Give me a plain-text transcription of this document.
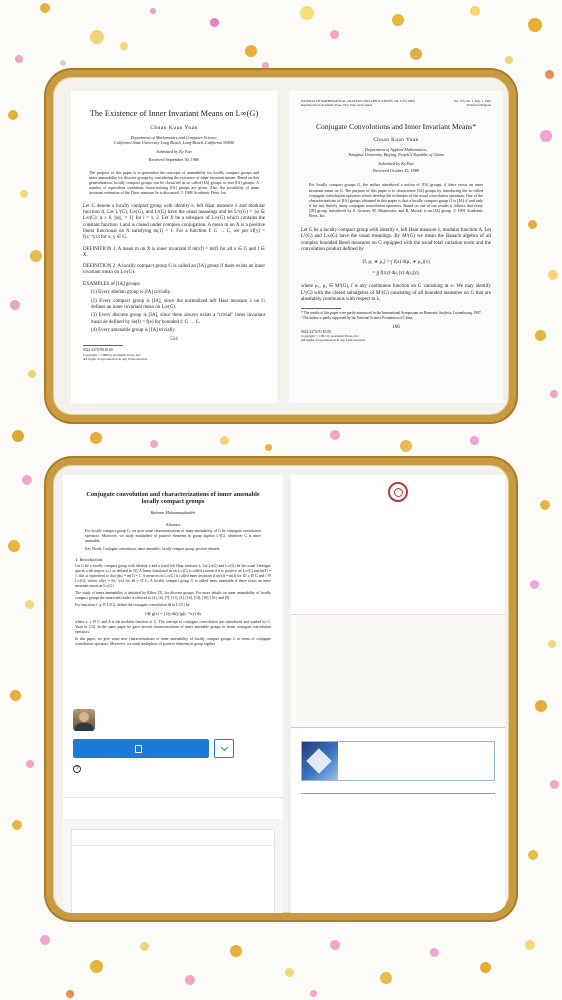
The Existence of Inner Invariant Means on L∞(G)
Chuan Kuan Yuan
Department of Mathematics and Computer Science,
California State University Long Beach, Long Beach, California 90840
Submitted by Ky Fan
Received September 30, 1986
The purpose of this paper is to generalize the concepts of amenability for locally compact groups and inner amenability for discrete groups by considering the existence of inner invariant means. Based on this generalization, locally compact groups can be classified as so called [IA] groups or non-[IA] groups. A number of equivalent conditions characterizing [IA] groups are given. Also, the possibility of inner invariant extension of the Dirac measure δe is discussed. © 1988 Academic Press, Inc.
Let G denote a locally compact group with identity e, left Haar measure λ and modular function Δ. Let L¹(G), L∞(G), and Lᵖ(G) have the usual meanings and let Lᵖc(G) = {φ ∈ L∞(G): φ ≥ 0, ||φ||₁ = 1} for i = 1, 2. Let X be a subspace of L∞(G) which contains the constant function 1 and is closed under complex conjugation. A mean m on X is a positive linear functional on X satisfying m(1) = 1. For a function f: G → C, we put xf(y) = f(x⁻¹yx) for x, y ∈ G.
DEFINITION 1. A mean m on X is inner invariant if m(xf) = m(f) for all x ∈ G and f ∈ X.
DEFINITION 2. A locally compact group G is called an [IA] group if there exists an inner invariant mean on L∞(G).
EXAMPLES of [IA] groups.
(1) Every abelian group is [IA] trivially.
(2) Every compact group is [IA], since the normalized left Haar measure λ on G defines an inner invariant mean on L∞(G).
(3) Every discrete group is [IA], since there always exists a "trivial" inner invariant mean δe defined by δe(f) = f(e) for bounded f: G → C.
(4) Every amenable group is [IA] trivially.
514
0022-247X/88 $3.00
Copyright © 1988 by Academic Press, Inc.
All rights of reproduction in any form reserved.
JOURNAL OF MATHEMATICAL ANALYSIS AND APPLICATIONS 149, 3-25 (1990)
Reprinted from Academic Press, New York and London
Vol. 155, No. 1, May 1, 1991
Printed in Belgium
Conjugate Convolutions and Inner Invariant Means*
Chuan Kuan Yuan
Department of Applied Mathematics,
Tsinghua University, Beijing, People's Republic of China
Submitted by Ky Fan
Received October 25, 1989
For locally compact groups G, the author introduced a notion of [IA] groups, if there exists an inner invariant mean on G. The purpose of this paper is to characterize [IA] groups by introducing the so-called conjugate convolution operators which develop the technique of the usual convolution operators. One of the characterizations of [IA] groups obtained in this paper is that a locally compact group G is [IA] if and only if for any finitely many conjugate convolution operators. Based on one of our results it follows that every [IN] group, introduced by S. Grosser, M. Moskowitz, and R. Mosak, is an [IA] group. © 1991 Academic Press, Inc.
Let G be a locally compact group with identity e, left Haar measure λ, modular function Δ. Let L¹(G) and L∞(G) have the usual meanings. By M¹(G) we mean the Banach algebra of all complex bounded Borel measures on G equipped with the usual total variation norm and the convolution product defined by
⟨f, μ₁ ∗ μ₂⟩ = ∫ f(x) d(μ₁ ∗ μ₂)(x)
= ∫∫ f(xy) dμ₁(x) dμ₂(y),
where μ₁, μ₂ ∈ M¹(G), f is any continuous function on G vanishing at ∞. We may identify L¹(G) with the closed subalgebra of M¹(G) consisting of all bounded measures on G that are absolutely continuous with respect to λ.
* The results of this paper were partly announced in the International Symposium on Harmonic Analysis, Luxembourg, 1987.
¹ The author is partly supported by the National Science Foundation of China.
166
0022-247X/91 $3.00
Copyright © 1991 by Academic Press, Inc.
All rights of reproduction in any form reserved.
Conjugate convolution and characterizations of inner amenable
locally compact groups
Bahram Mohammadzadeh
Abstract
For locally compact group G, we give some characterizations of inner amenability of G by conjugate convolution operators. Moreover, we study multipliers of positive elements in group algebra L¹(G), whenever G is inner amenable.
Key Words: Conjugate convolution; inner amenable; locally compact group; positive element.
1. Introduction
Let G be a locally compact group with identity e and a fixed left Haar measure λ. Let Lᵖ(G) and L∞(G) be the usual Lebesgue spaces with respect to λ as defined in [3]. A linear functional m on L∞(G) is called a mean if it is positive on L∞(G) and m(1) = 1; this is equivalent to that ||m|| = m(1) = 1. A mean m on L∞(G) is called inner invariant if m(xf) = m(f) for all x ∈ G and f ∈ L∞(G), where xf(y) = f(x⁻¹yx) for all y ∈ G. A locally compact group G is called inner amenable if there exists an inner invariant mean on L∞(G).
The study of inner amenability is initiated by Effros [5], for discrete groups. For more details on inner amenability of locally compact groups the interested reader is referred to [4], [6], [7], [11], [8], [10], [14], [18], [16], and [9].
For functions f, g ∈ L¹(G), define the conjugate convolution ⊗ in L¹(G) by
f ⊗ g(x) = ∫ f(y)Δ(y)g(y⁻¹xy) dy
where x, y ∈ G and Δ is the modular function of G. The concept of conjugate convolution was introduced and studied by C. Yuan in [14]. In the same paper he gave several characterizations of inner amenable groups in terms conjugate convolution operators.
In this paper, we give some new characterizations of inner amenability of locally compact groups G in terms of conjugate convolution operators. Moreover, we study multipliers of positive elements in group algebra
?
